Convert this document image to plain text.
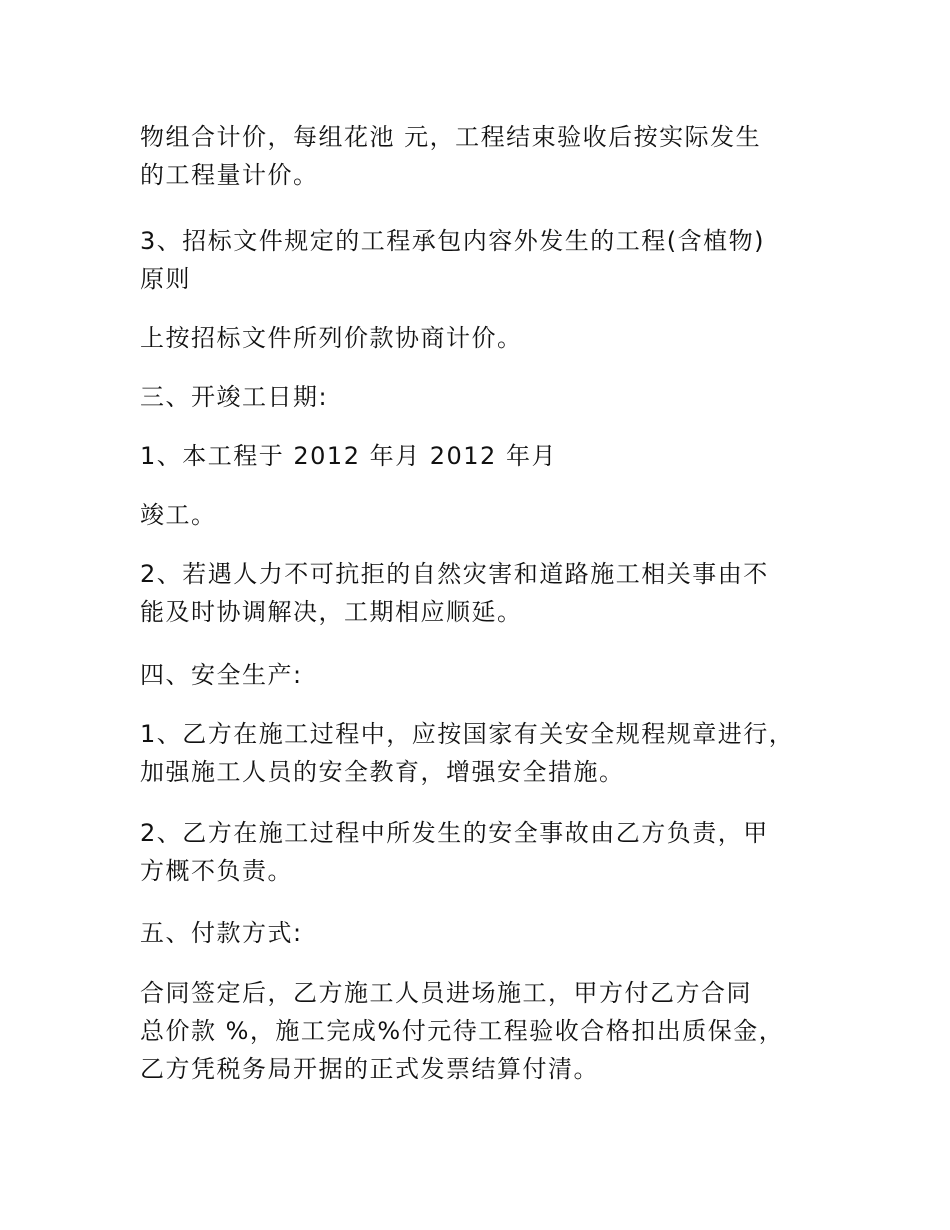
物组合计价，每组花池 元，工程结束验收后按实际发生
的工程量计价。

3、招标文件规定的工程承包内容外发生的工程(含植物)
原则

上按招标文件所列价款协商计价。

三、开竣工日期:

1、本工程于 2012 年月 2012 年月

竣工。

2、若遇人力不可抗拒的自然灾害和道路施工相关事由不
能及时协调解决，工期相应顺延。

四、安全生产:

1、乙方在施工过程中，应按国家有关安全规程规章进行，
加强施工人员的安全教育，增强安全措施。

2、乙方在施工过程中所发生的安全事故由乙方负责，甲
方概不负责。

五、付款方式:

合同签定后，乙方施工人员进场施工，甲方付乙方合同
总价款 %，施工完成%付元待工程验收合格扣出质保金，
乙方凭税务局开据的正式发票结算付清。
